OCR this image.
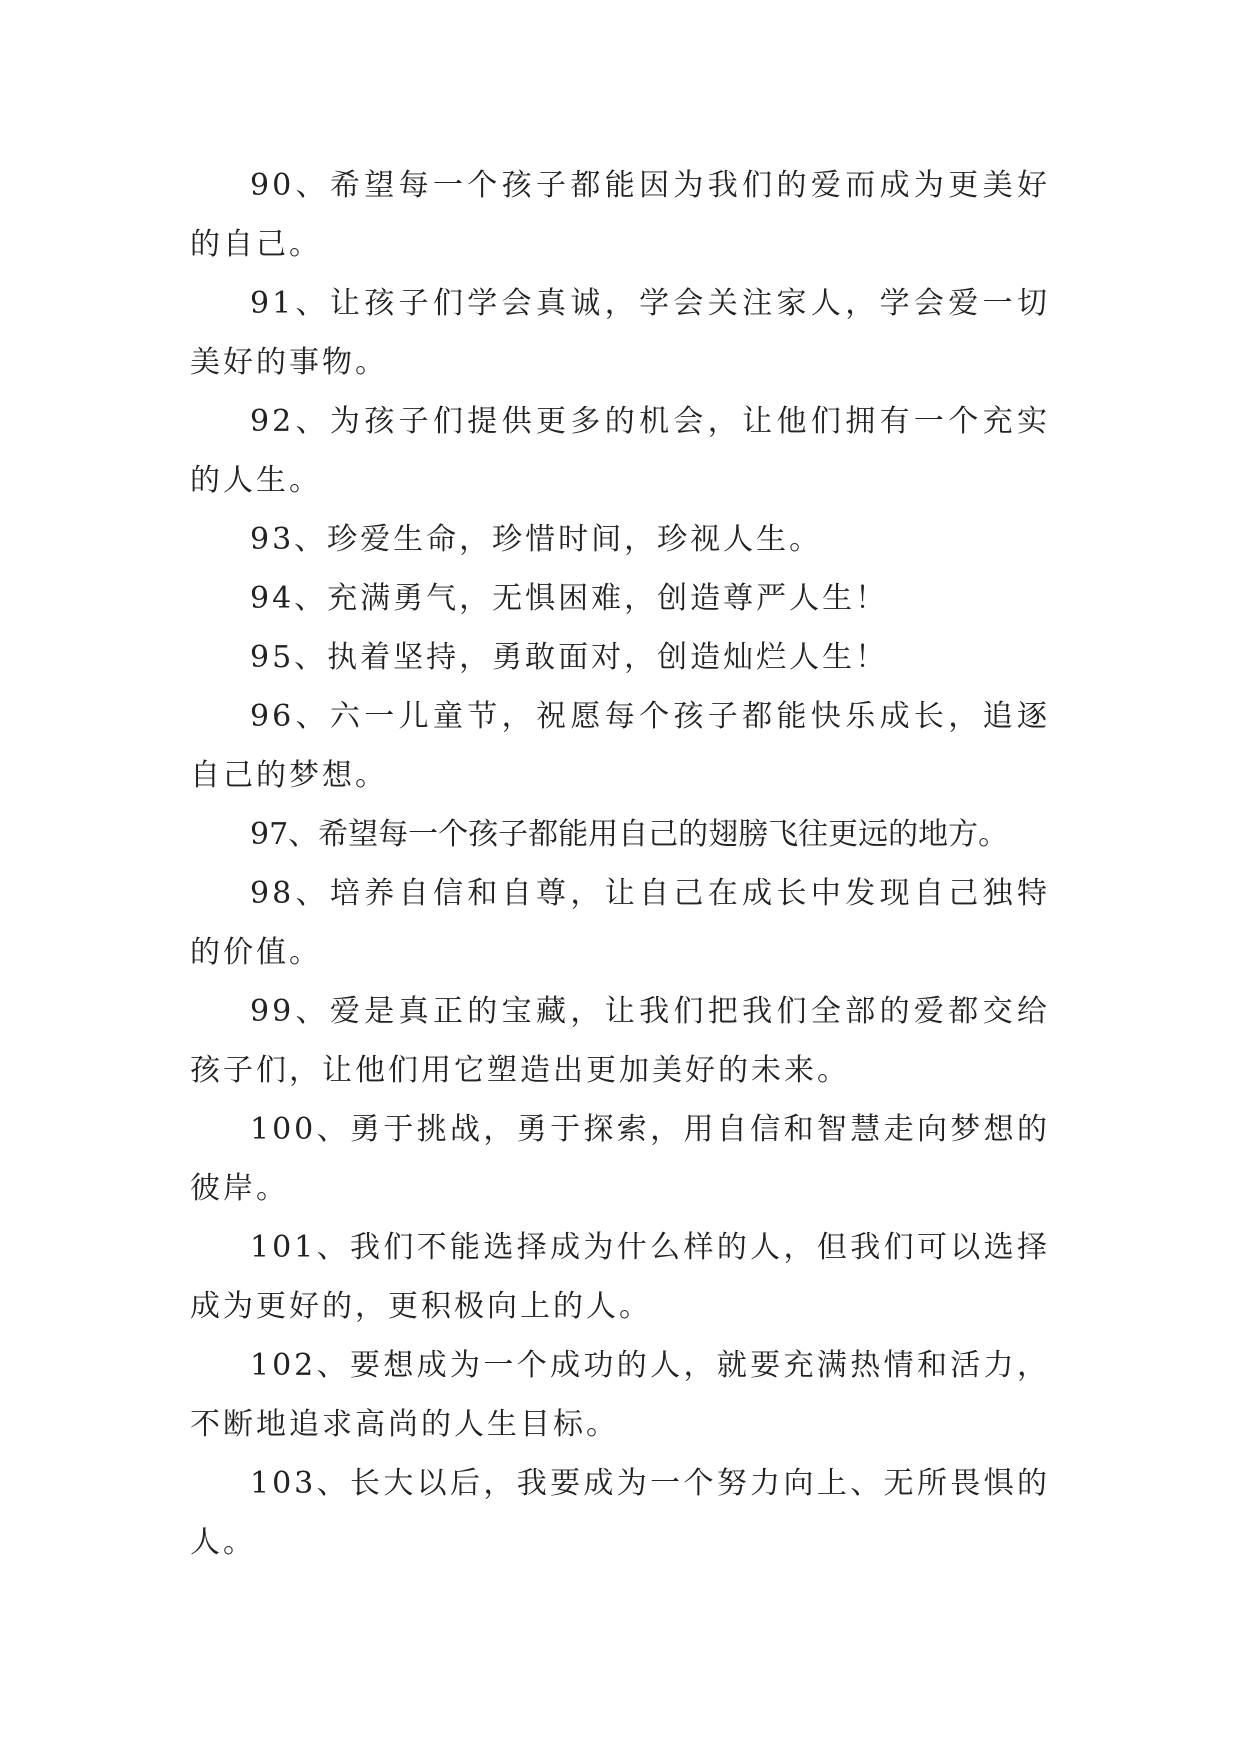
90、希望每一个孩子都能因为我们的爱而成为更美好的自己。

91、让孩子们学会真诚，学会关注家人，学会爱一切美好的事物。

92、为孩子们提供更多的机会，让他们拥有一个充实的人生。

93、珍爱生命，珍惜时间，珍视人生。

94、充满勇气，无惧困难，创造尊严人生！

95、执着坚持，勇敢面对，创造灿烂人生！

96、六一儿童节，祝愿每个孩子都能快乐成长，追逐自己的梦想。

97、希望每一个孩子都能用自己的翅膀飞往更远的地方。

98、培养自信和自尊，让自己在成长中发现自己独特的价值。

99、爱是真正的宝藏，让我们把我们全部的爱都交给孩子们，让他们用它塑造出更加美好的未来。

100、勇于挑战，勇于探索，用自信和智慧走向梦想的彼岸。

101、我们不能选择成为什么样的人，但我们可以选择成为更好的，更积极向上的人。

102、要想成为一个成功的人，就要充满热情和活力，不断地追求高尚的人生目标。

103、长大以后，我要成为一个努力向上、无所畏惧的人。
